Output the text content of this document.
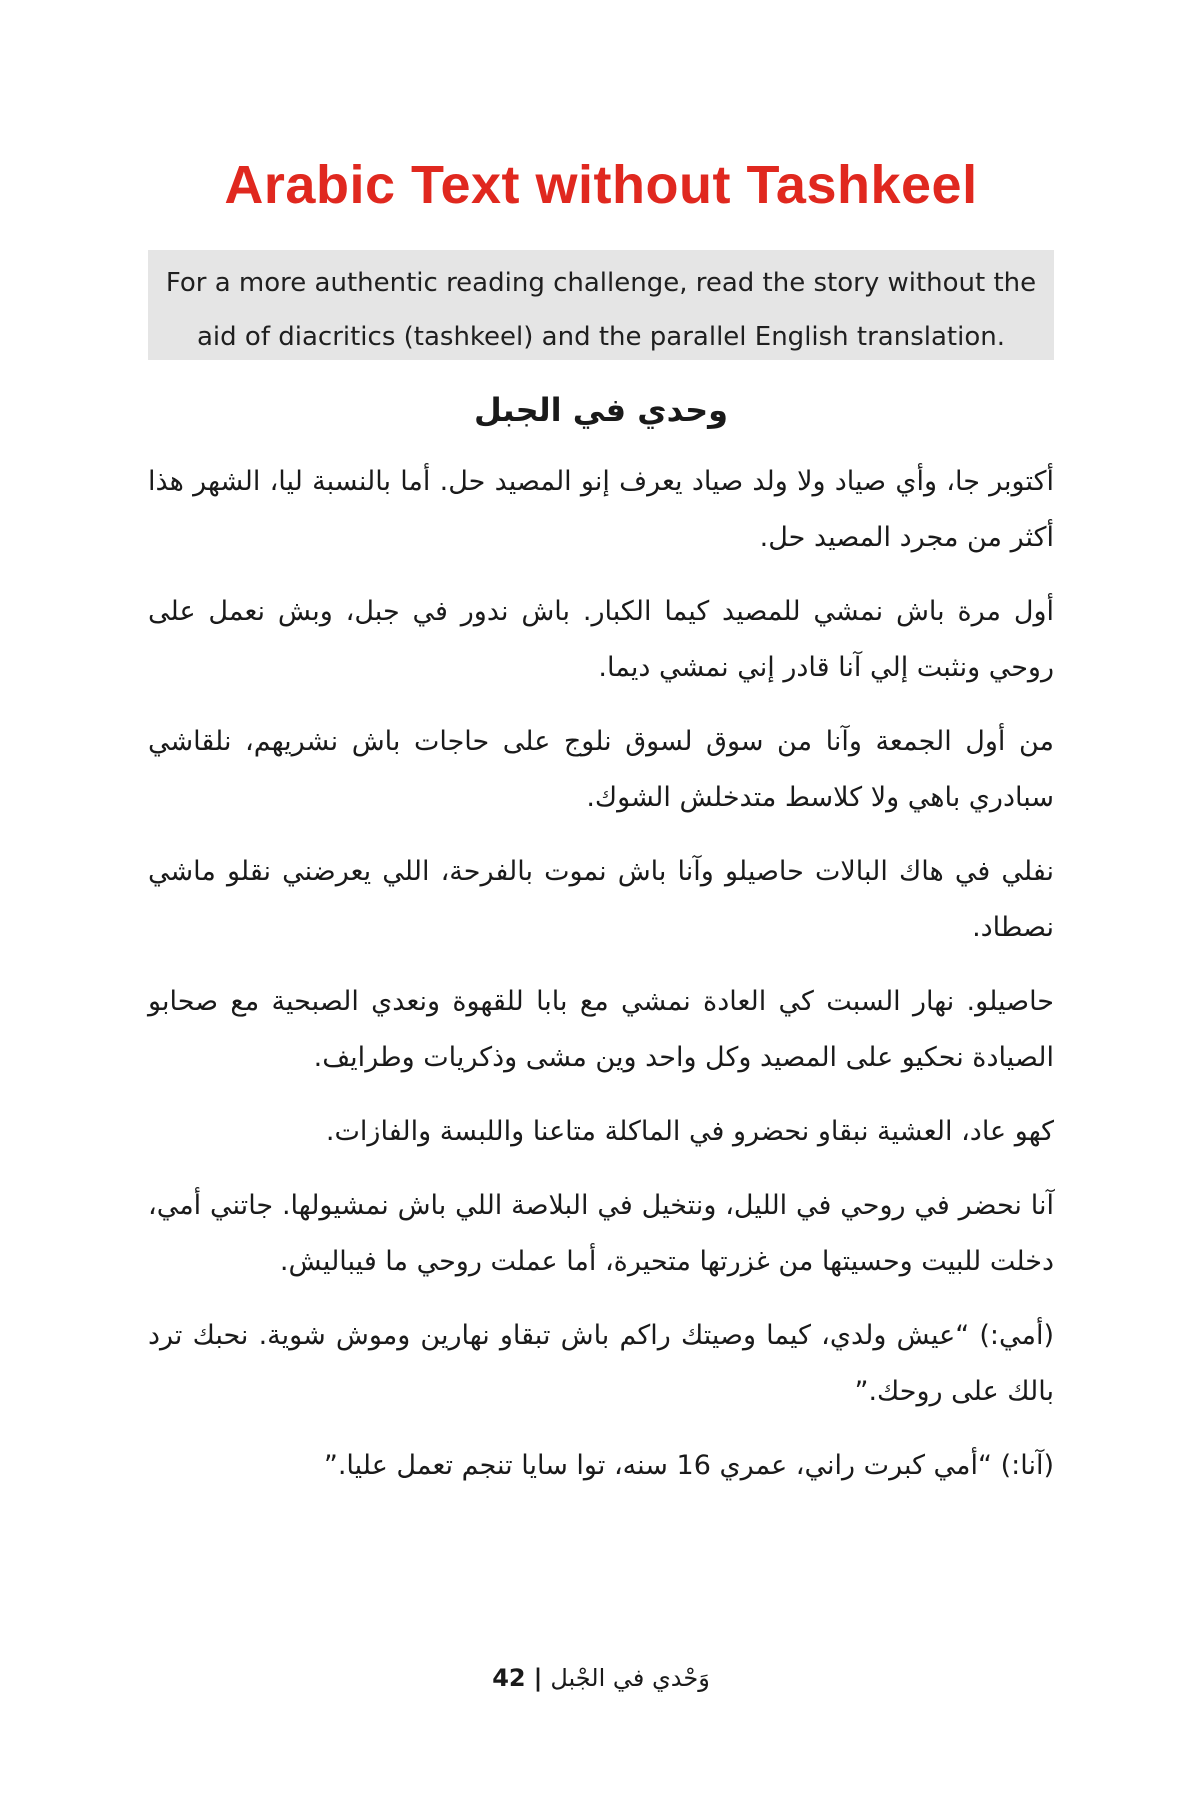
Arabic Text without Tashkeel
For a more authentic reading challenge, read the story without the
aid of diacritics (tashkeel) and the parallel English translation.
وحدي في الجبل

أكتوبر جا، وأي صياد ولا ولد صياد يعرف إنو المصيد حل. أما بالنسبة ليا، الشهر هذا أكثر من مجرد المصيد حل.

أول مرة باش نمشي للمصيد كيما الكبار. باش ندور في جبل، وبش نعمل على روحي ونثبت إلي آنا قادر إني نمشي ديما.

من أول الجمعة وآنا من سوق لسوق نلوج على حاجات باش نشريهم، نلقاشي سبادري باهي ولا كلاسط متدخلش الشوك.

نفلي في هاك البالات حاصيلو وآنا باش نموت بالفرحة، اللي يعرضني نقلو ماشي نصطاد.

حاصيلو. نهار السبت كي العادة نمشي مع بابا للقهوة ونعدي الصبحية مع صحابو الصيادة نحكيو على المصيد وكل واحد وين مشى وذكريات وطرايف.

كهو عاد، العشية نبقاو نحضرو في الماكلة متاعنا واللبسة والفازات.

آنا نحضر في روحي في الليل، ونتخيل في البلاصة اللي باش نمشيولها. جاتني أمي، دخلت للبيت وحسيتها من غزرتها متحيرة، أما عملت روحي ما فيباليش.

(أمي:) “عيش ولدي، كيما وصيتك راكم باش تبقاو نهارين وموش شوية. نحبك ترد بالك على روحك.”

(آنا:) “أمي كبرت راني، عمري 16 سنه، توا سايا تنجم تعمل عليا.”

42 | وَحْدي في الجْبل
